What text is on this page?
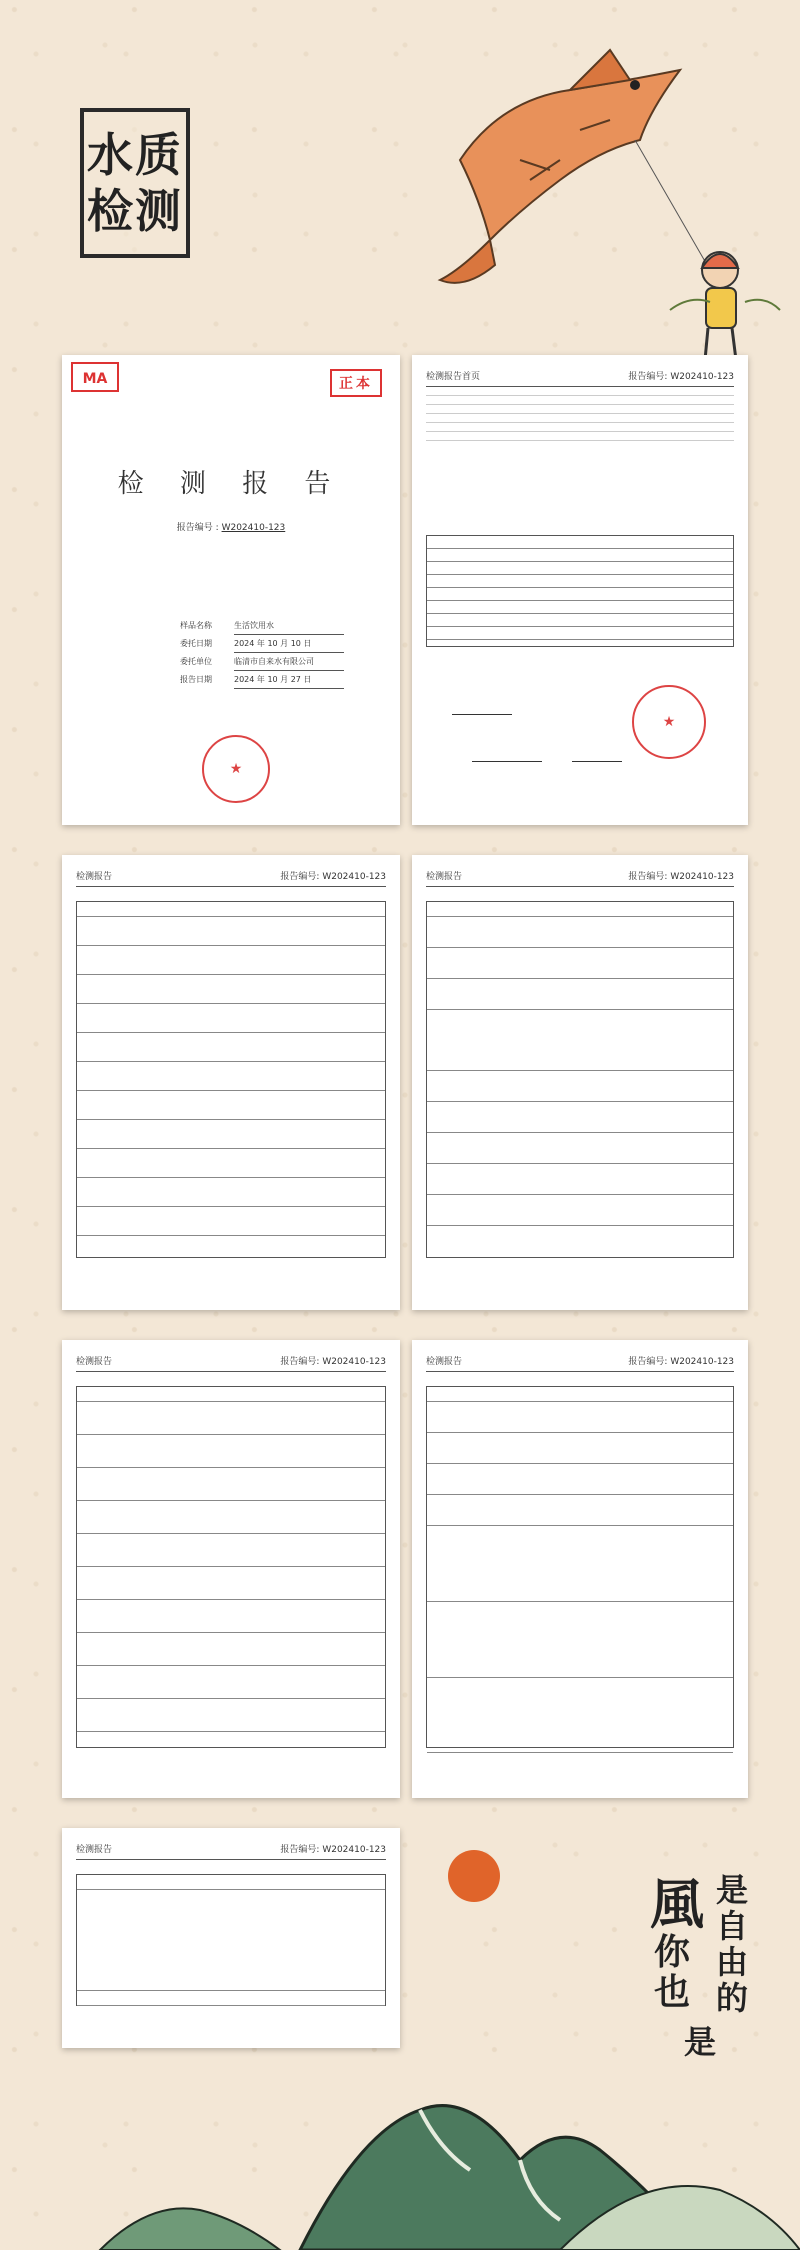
水质
检测
MA	正本
检 测 报 告
报告编号 : W202410-123
样品名称	生活饮用水
委托日期	2024 年 10 月 10 日
委托单位	临清市自来水有限公司
报告日期	2024 年 10 月 27 日
★
检测报告首页	报告编号: W202410-123
★
检测报告	报告编号: W202410-123	检测报告	报告编号: W202410-123
检测报告	报告编号: W202410-123	检测报告	报告编号: W202410-123
检测报告	报告编号: W202410-123
風
你也
是自由的
是
